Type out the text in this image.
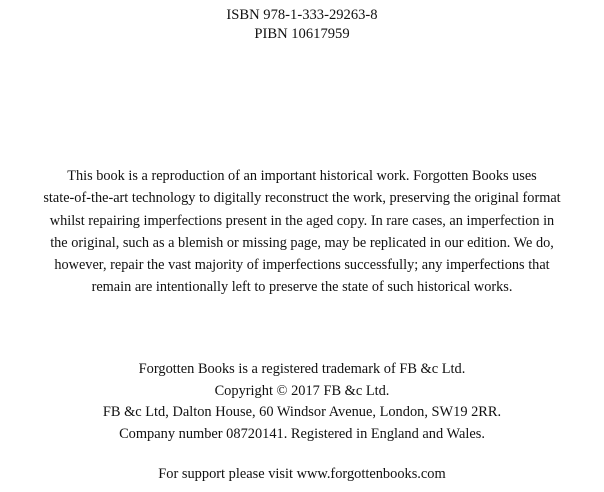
ISBN 978-1-333-29263-8
PIBN 10617959
This book is a reproduction of an important historical work. Forgotten Books uses
state-of-the-art technology to digitally reconstruct the work, preserving the original format
whilst repairing imperfections present in the aged copy. In rare cases, an imperfection in
the original, such as a blemish or missing page, may be replicated in our edition. We do,
however, repair the vast majority of imperfections successfully; any imperfections that
remain are intentionally left to preserve the state of such historical works.
Forgotten Books is a registered trademark of FB &c Ltd.
Copyright © 2017 FB &c Ltd.
FB &c Ltd, Dalton House, 60 Windsor Avenue, London, SW19 2RR.
Company number 08720141. Registered in England and Wales.
For support please visit www.forgottenbooks.com
